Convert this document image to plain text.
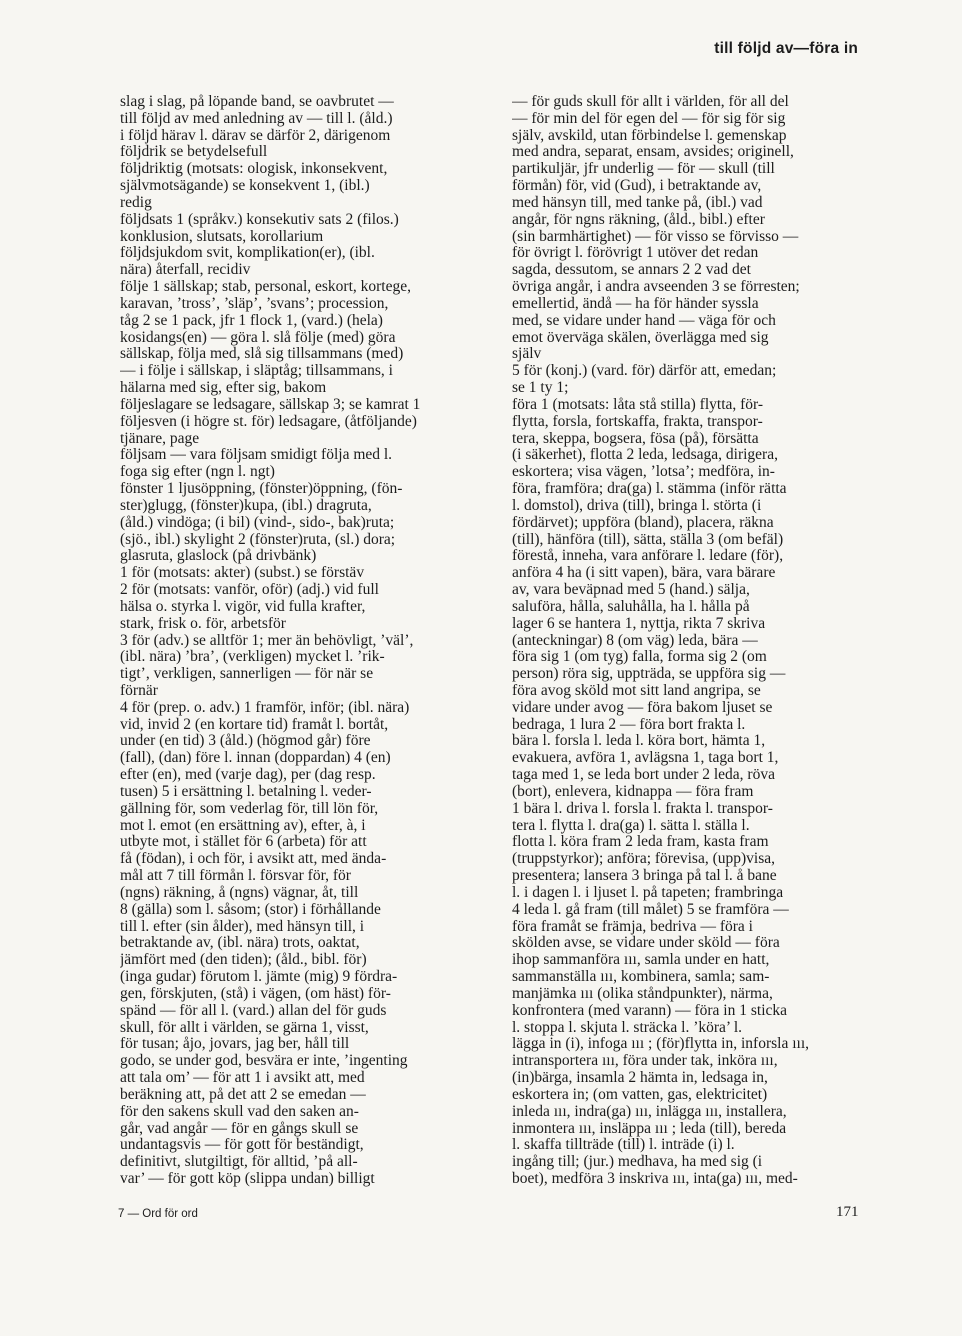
till följd av—föra in
slag i slag, på löpande band, se oavbrutet —
till följd av med anledning av — till l. (åld.)
i följd härav l. därav se därför 2, därigenom
följdrik se betydelsefull
följdriktig (motsats: ologisk, inkonsekvent,
självmotsägande) se konsekvent 1, (ibl.)
redig
följdsats 1 (språkv.) konsekutiv sats 2 (filos.)
konklusion, slutsats, korollarium
följdsjukdom svit, komplikation(er), (ibl.
nära) återfall, recidiv
följe 1 sällskap; stab, personal, eskort, kortege,
karavan, ’tross’, ’släp’, ’svans’; procession,
tåg 2 se 1 pack, jfr 1 flock 1, (vard.) (hela)
kosidangs(en) — göra l. slå följe (med) göra
sällskap, följa med, slå sig tillsammans (med)
— i följe i sällskap, i släptåg; tillsammans, i
hälarna med sig, efter sig, bakom
följeslagare se ledsagare, sällskap 3; se kamrat 1
följesven (i högre st. för) ledsagare, (åtföljande)
tjänare, page
följsam — vara följsam smidigt följa med l.
foga sig efter (ngn l. ngt)
fönster 1 ljusöppning, (fönster)öppning, (fön-
ster)glugg, (fönster)kupa, (ibl.) dragruta,
(åld.) vindöga; (i bil) (vind-, sido-, bak)ruta;
(sjö., ibl.) skylight 2 (fönster)ruta, (sl.) dora;
glasruta, glaslock (på drivbänk)
1 för (motsats: akter) (subst.) se förstäv
2 för (motsats: vanför, oför) (adj.) vid full
hälsa o. styrka l. vigör, vid fulla krafter,
stark, frisk o. för, arbetsför
3 för (adv.) se alltför 1; mer än behövligt, ’väl’,
(ibl. nära) ’bra’, (verkligen) mycket l. ’rik-
tigt’, verkligen, sannerligen — för när se
förnär
4 för (prep. o. adv.) 1 framför, inför; (ibl. nära)
vid, invid 2 (en kortare tid) framåt l. bortåt,
under (en tid) 3 (åld.) (högmod går) före
(fall), (dan) före l. innan (doppardan) 4 (en)
efter (en), med (varje dag), per (dag resp.
tusen) 5 i ersättning l. betalning l. veder-
gällning för, som vederlag för, till lön för,
mot l. emot (en ersättning av), efter, à, i
utbyte mot, i stället för 6 (arbeta) för att
få (födan), i och för, i avsikt att, med ända-
mål att 7 till förmån l. försvar för, för
(ngns) räkning, å (ngns) vägnar, åt, till
8 (gälla) som l. såsom; (stor) i förhållande
till l. efter (sin ålder), med hänsyn till, i
betraktande av, (ibl. nära) trots, oaktat,
jämfört med (den tiden); (åld., bibl. för)
(inga gudar) förutom l. jämte (mig) 9 fördra-
gen, förskjuten, (stå) i vägen, (om häst) för-
spänd — för all l. (vard.) allan del för guds
skull, för allt i världen, se gärna 1, visst,
för tusan; åjo, jovars, jag ber, håll till
godo, se under god, besvära er inte, ’ingenting
att tala om’ — för att 1 i avsikt att, med
beräkning att, på det att 2 se emedan —
för den sakens skull vad den saken an-
går, vad angår — för en gångs skull se
undantagsvis — för gott för beständigt,
definitivt, slutgiltigt, för alltid, ’på all-
var’ — för gott köp (slippa undan) billigt
— för guds skull för allt i världen, för all del
— för min del för egen del — för sig för sig
själv, avskild, utan förbindelse l. gemenskap
med andra, separat, ensam, avsides; originell,
partikuljär, jfr underlig — för — skull (till
förmån) för, vid (Gud), i betraktande av,
med hänsyn till, med tanke på, (ibl.) vad
angår, för ngns räkning, (åld., bibl.) efter
(sin barmhärtighet) — för visso se förvisso —
för övrigt l. förövrigt 1 utöver det redan
sagda, dessutom, se annars 2 2 vad det
övriga angår, i andra avseenden 3 se förresten;
emellertid, ändå — ha för händer syssla
med, se vidare under hand — väga för och
emot överväga skälen, överlägga med sig
själv
5 för (konj.) (vard. för) därför att, emedan;
se 1 ty 1;
föra 1 (motsats: låta stå stilla) flytta, för-
flytta, forsla, fortskaffa, frakta, transpor-
tera, skeppa, bogsera, fösa (på), försätta
(i säkerhet), flotta 2 leda, ledsaga, dirigera,
eskortera; visa vägen, ’lotsa’; medföra, in-
föra, framföra; dra(ga) l. stämma (inför rätta
l. domstol), driva (till), bringa l. störta (i
fördärvet); uppföra (bland), placera, räkna
(till), hänföra (till), sätta, ställa 3 (om befäl)
förestå, inneha, vara anförare l. ledare (för),
anföra 4 ha (i sitt vapen), bära, vara bärare
av, vara beväpnad med 5 (hand.) sälja,
saluföra, hålla, saluhålla, ha l. hålla på
lager 6 se hantera 1, nyttja, rikta 7 skriva
(anteckningar) 8 (om väg) leda, bära —
föra sig 1 (om tyg) falla, forma sig 2 (om
person) röra sig, uppträda, se uppföra sig —
föra avog sköld mot sitt land angripa, se
vidare under avog — föra bakom ljuset se
bedraga, 1 lura 2 — föra bort frakta l.
bära l. forsla l. leda l. köra bort, hämta 1,
evakuera, avföra 1, avlägsna 1, taga bort 1,
taga med 1, se leda bort under 2 leda, röva
(bort), enlevera, kidnappa — föra fram
1 bära l. driva l. forsla l. frakta l. transpor-
tera l. flytta l. dra(ga) l. sätta l. ställa l.
flotta l. köra fram 2 leda fram, kasta fram
(truppstyrkor); anföra; förevisa, (upp)visa,
presentera; lansera 3 bringa på tal l. å bane
l. i dagen l. i ljuset l. på tapeten; frambringa
4 leda l. gå fram (till målet) 5 se framföra —
föra framåt se främja, bedriva — föra i
skölden avse, se vidare under sköld — föra
ihop sammanföra ııı, samla under en hatt,
sammanställa ııı, kombinera, samla; sam-
manjämka ııı (olika ståndpunkter), närma,
konfrontera (med varann) — föra in 1 sticka
l. stoppa l. skjuta l. sträcka l. ’köra’ l.
lägga in (i), infoga ııı ; (för)flytta in, inforsla ııı,
intransportera ııı, föra under tak, inköra ııı,
(in)bärga, insamla 2 hämta in, ledsaga in,
eskortera in; (om vatten, gas, elektricitet)
inleda ııı, indra(ga) ııı, inlägga ııı, installera,
inmontera ııı, insläppa ııı ; leda (till), bereda
l. skaffa tillträde (till) l. inträde (i) l.
ingång till; (jur.) medhava, ha med sig (i
boet), medföra 3 inskriva ııı, inta(ga) ııı, med-
7 — Ord för ord	171
